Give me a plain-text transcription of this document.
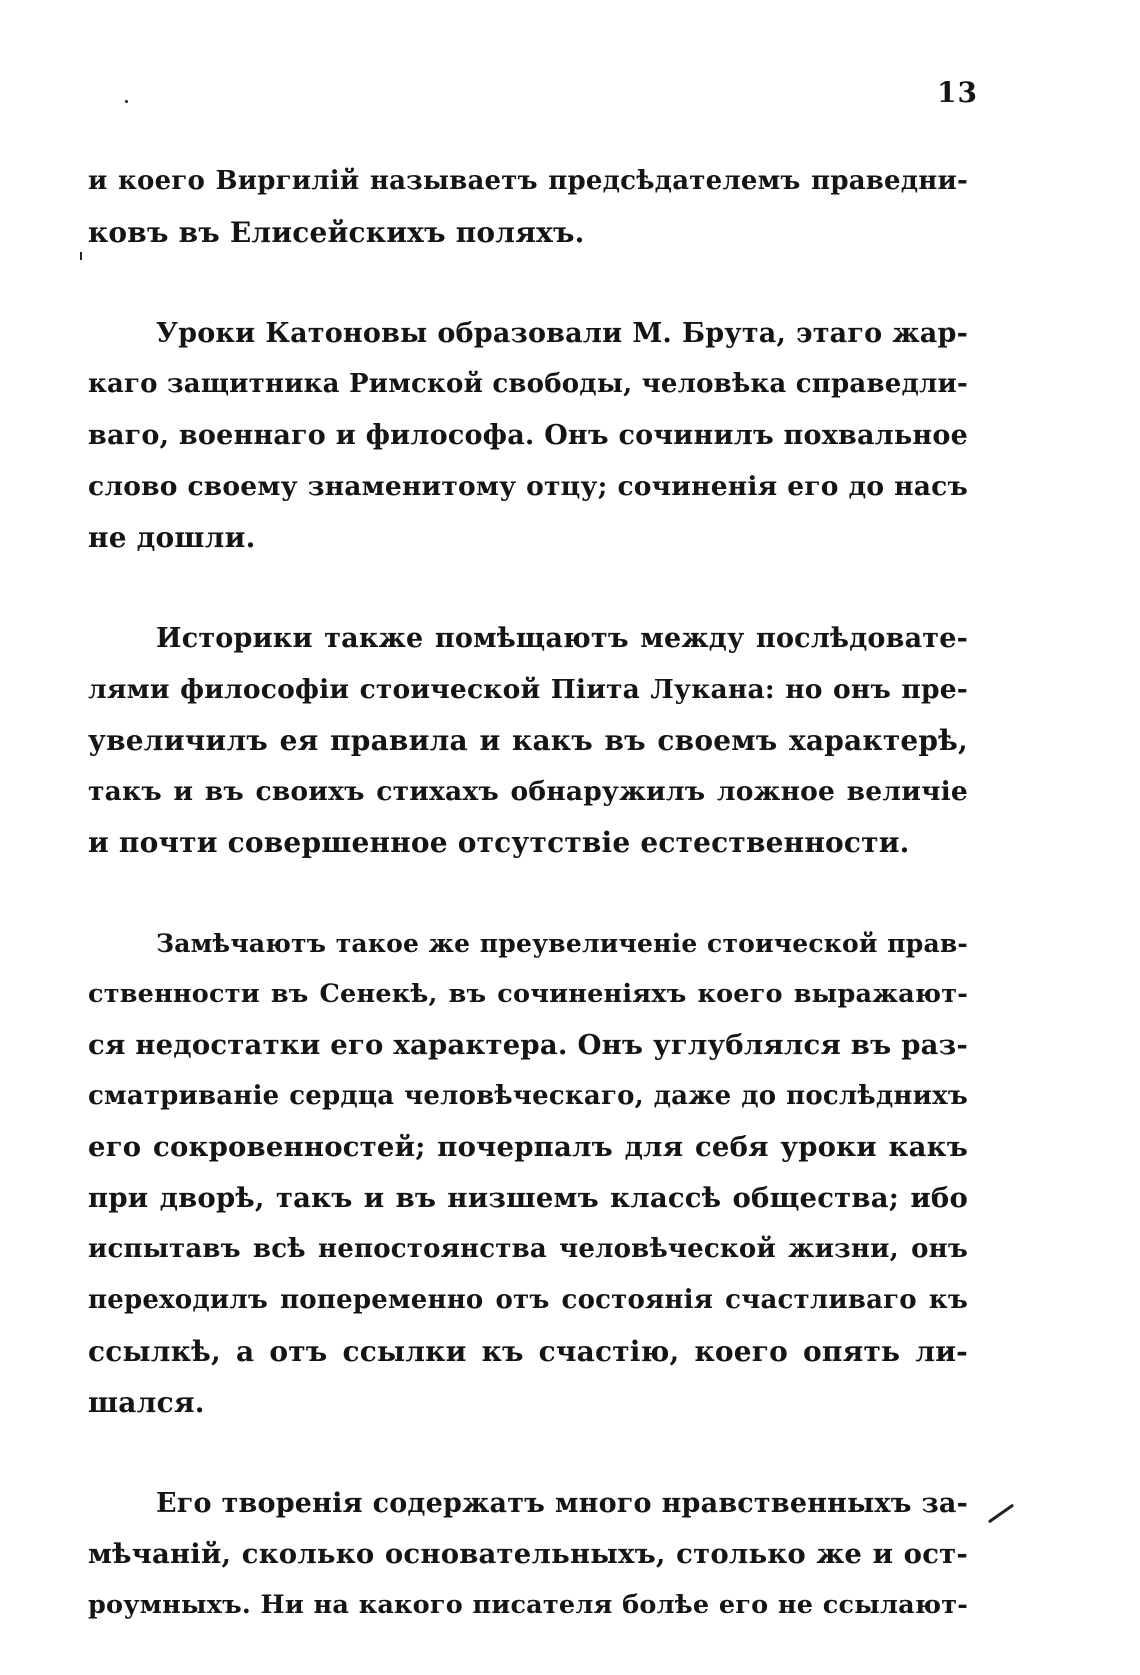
13
и коего Виргилій называетъ предсѣдателемъ праведни-
ковъ въ Елисейскихъ поляхъ.
Уроки Катоновы образовали М. Брута, этаго жар-
каго защитника Римской свободы, человѣка справедли-
ваго, военнаго и философа. Онъ сочинилъ похвальное
слово своему знаменитому отцу; сочиненія его до насъ
не дошли.
Историки также помѣщаютъ между послѣдовате-
лями философіи стоической Піита Лукана: но онъ пре-
увеличилъ ея правила и какъ въ своемъ характерѣ,
такъ и въ своихъ стихахъ обнаружилъ ложное величіе
и почти совершенное отсутствіе естественности.
Замѣчаютъ такое же преувеличеніе стоической прав-
ственности въ Сенекѣ, въ сочиненіяхъ коего выражают-
ся недостатки его характера. Онъ углублялся въ раз-
сматриваніе сердца человѣческаго, даже до послѣднихъ
его сокровенностей; почерпалъ для себя уроки какъ
при дворѣ, такъ и въ низшемъ классѣ общества; ибо
испытавъ всѣ непостоянства человѣческой жизни, онъ
переходилъ попеременно отъ состоянія счастливаго къ
ссылкѣ, а отъ ссылки къ счастію, коего опять ли-
шался.
Его творенія содержатъ много нравственныхъ за-
мѣчаній, сколько основательныхъ, столько же и ост-
роумныхъ. Ни на какого писателя болѣе его не ссылают-
